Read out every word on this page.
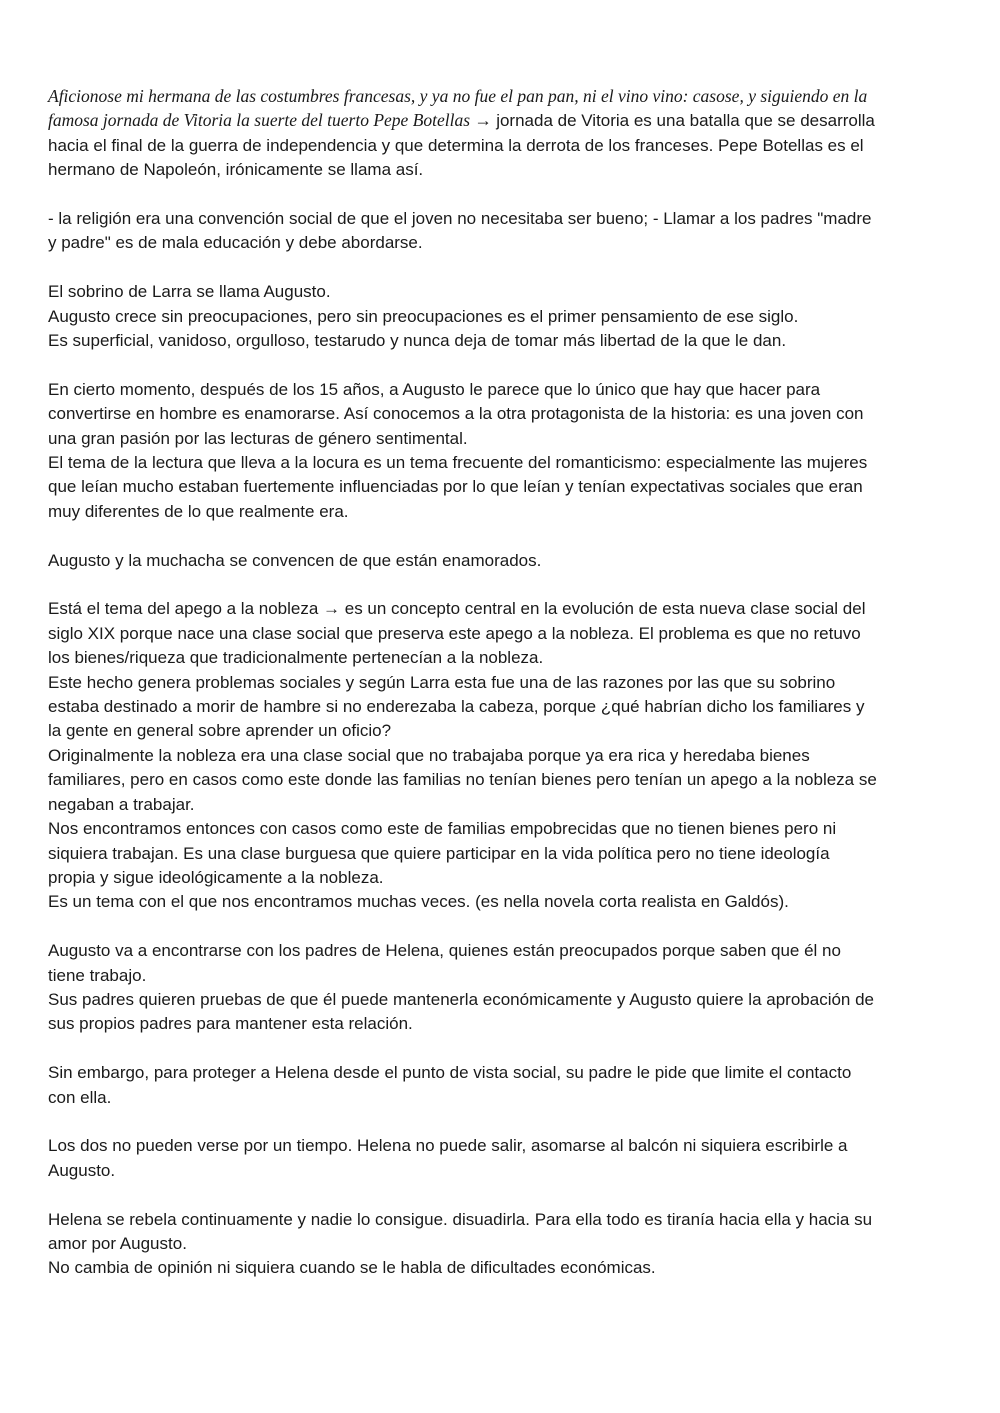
Aficionose mi hermana de las costumbres francesas, y ya no fue el pan pan, ni el vino vino: casose, y siguiendo en la
famosa jornada de Vitoria la suerte del tuerto Pepe Botellas → jornada de Vitoria es una batalla que se desarrolla
hacia el final de la guerra de independencia y que determina la derrota de los franceses. Pepe Botellas es el
hermano de Napoleón, irónicamente se llama así.
- la religión era una convención social de que el joven no necesitaba ser bueno; - Llamar a los padres "madre
y padre" es de mala educación y debe abordarse.
El sobrino de Larra se llama Augusto.
Augusto crece sin preocupaciones, pero sin preocupaciones es el primer pensamiento de ese siglo.
Es superficial, vanidoso, orgulloso, testarudo y nunca deja de tomar más libertad de la que le dan.
En cierto momento, después de los 15 años, a Augusto le parece que lo único que hay que hacer para
convertirse en hombre es enamorarse. Así conocemos a la otra protagonista de la historia: es una joven con
una gran pasión por las lecturas de género sentimental.
El tema de la lectura que lleva a la locura es un tema frecuente del romanticismo: especialmente las mujeres
que leían mucho estaban fuertemente influenciadas por lo que leían y tenían expectativas sociales que eran
muy diferentes de lo que realmente era.
Augusto y la muchacha se convencen de que están enamorados.
Está el tema del apego a la nobleza → es un concepto central en la evolución de esta nueva clase social del
siglo XIX porque nace una clase social que preserva este apego a la nobleza. El problema es que no retuvo
los bienes/riqueza que tradicionalmente pertenecían a la nobleza.
Este hecho genera problemas sociales y según Larra esta fue una de las razones por las que su sobrino
estaba destinado a morir de hambre si no enderezaba la cabeza, porque ¿qué habrían dicho los familiares y
la gente en general sobre aprender un oficio?
Originalmente la nobleza era una clase social que no trabajaba porque ya era rica y heredaba bienes
familiares, pero en casos como este donde las familias no tenían bienes pero tenían un apego a la nobleza se
negaban a trabajar.
Nos encontramos entonces con casos como este de familias empobrecidas que no tienen bienes pero ni
siquiera trabajan. Es una clase burguesa que quiere participar en la vida política pero no tiene ideología
propia y sigue ideológicamente a la nobleza.
Es un tema con el que nos encontramos muchas veces. (es nella novela corta realista en Galdós).
Augusto va a encontrarse con los padres de Helena, quienes están preocupados porque saben que él no
tiene trabajo.
Sus padres quieren pruebas de que él puede mantenerla económicamente y Augusto quiere la aprobación de
sus propios padres para mantener esta relación.
Sin embargo, para proteger a Helena desde el punto de vista social, su padre le pide que limite el contacto
con ella.
Los dos no pueden verse por un tiempo. Helena no puede salir, asomarse al balcón ni siquiera escribirle a
Augusto.
Helena se rebela continuamente y nadie lo consigue. disuadirla. Para ella todo es tiranía hacia ella y hacia su
amor por Augusto.
No cambia de opinión ni siquiera cuando se le habla de dificultades económicas.
